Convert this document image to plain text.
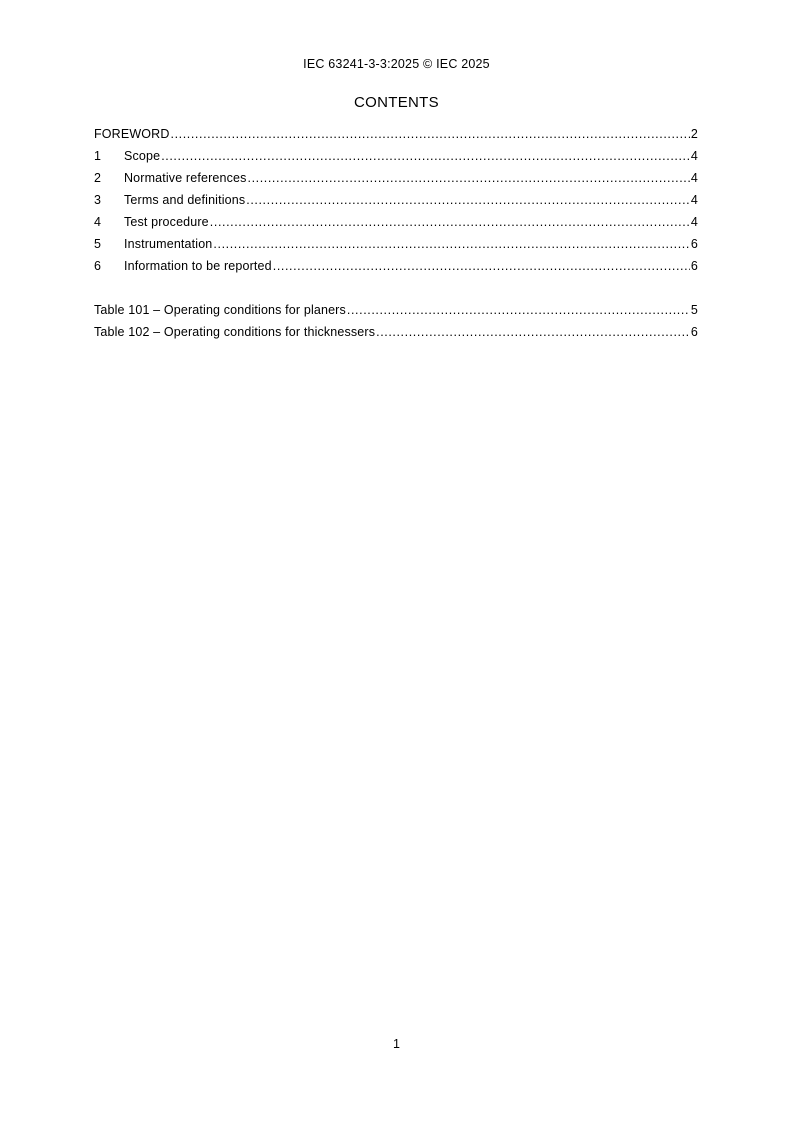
IEC 63241-3-3:2025 © IEC 2025
CONTENTS
FOREWORD .....	2
1	Scope .....	4
2	Normative references .....	4
3	Terms and definitions .....	4
4	Test procedure .....	4
5	Instrumentation .....	6
6	Information to be reported .....	6
Table 101 – Operating conditions for planers .....	5
Table 102 – Operating conditions for thicknessers .....	6
1
